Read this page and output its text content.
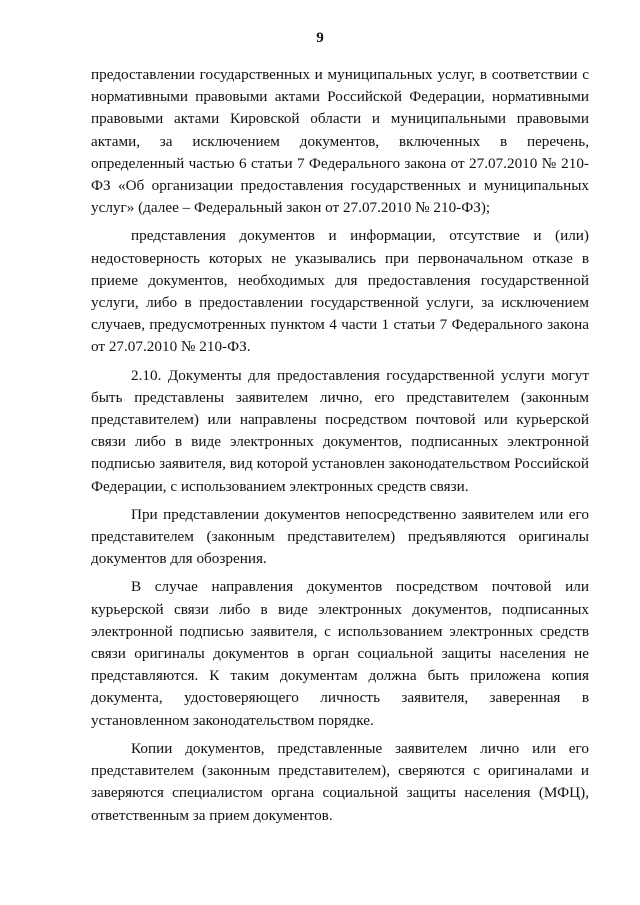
9

предоставлении государственных и муниципальных услуг, в соответствии с нормативными правовыми актами Российской Федерации, нормативными правовыми актами Кировской области и муниципальными правовыми актами, за исключением документов, включенных в перечень, определенный частью 6 статьи 7 Федерального закона от 27.07.2010 № 210-ФЗ «Об организации предоставления государственных и муниципальных услуг» (далее – Федеральный закон от 27.07.2010 № 210-ФЗ);

представления документов и информации, отсутствие и (или) недостоверность которых не указывались при первоначальном отказе в приеме документов, необходимых для предоставления государственной услуги, либо в предоставлении государственной услуги, за исключением случаев, предусмотренных пунктом 4 части 1 статьи 7 Федерального закона от 27.07.2010 № 210-ФЗ.

2.10. Документы для предоставления государственной услуги могут быть представлены заявителем лично, его представителем (законным представителем) или направлены посредством почтовой или курьерской связи либо в виде электронных документов, подписанных электронной подписью заявителя, вид которой установлен законодательством Российской Федерации, с использованием электронных средств связи.

При представлении документов непосредственно заявителем или его представителем (законным представителем) предъявляются оригиналы документов для обозрения.

В случае направления документов посредством почтовой или курьерской связи либо в виде электронных документов, подписанных электронной подписью заявителя, с использованием электронных средств связи оригиналы документов в орган социальной защиты населения не представляются. К таким документам должна быть приложена копия документа, удостоверяющего личность заявителя, заверенная в установленном законодательством порядке.

Копии документов, представленные заявителем лично или его представителем (законным представителем), сверяются с оригиналами и заверяются специалистом органа социальной защиты населения (МФЦ), ответственным за прием документов.
